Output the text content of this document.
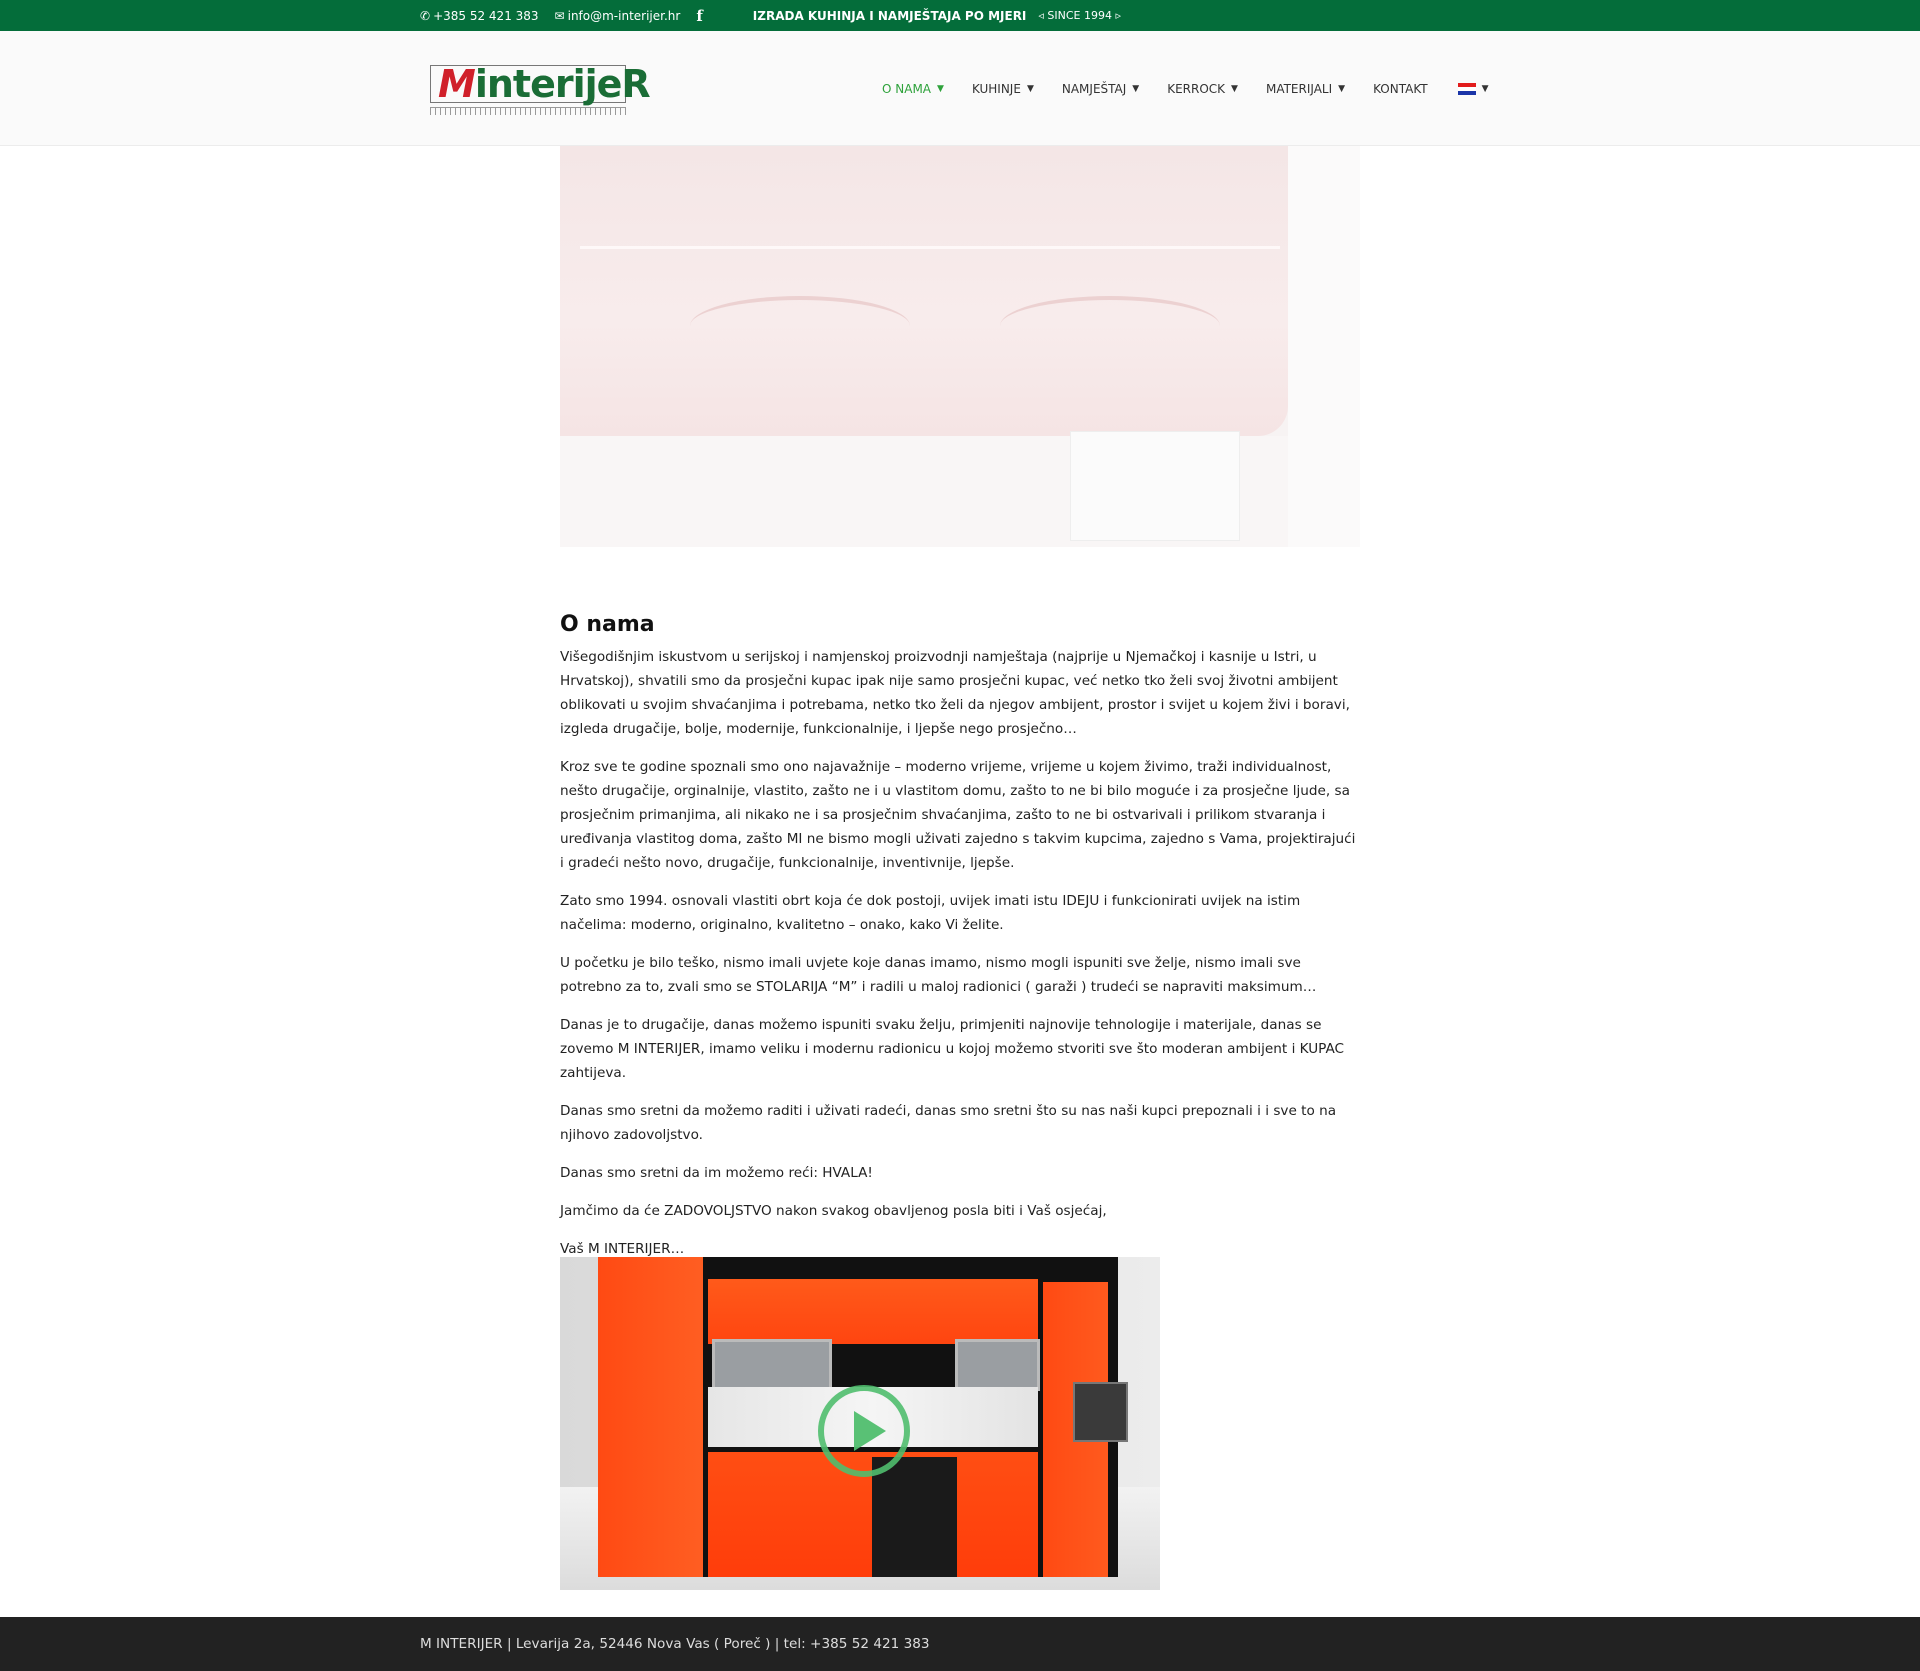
✆ +385 52 421 383 ✉ info@m-interijer.hr f	IZRADA KUHINJA I NAMJEŠTAJA PO MJERI ◃ SINCE 1994 ▹
MinterijeR	O NAMA ▼ KUHINJE ▼ NAMJEŠTAJ ▼ KERROCK ▼ MATERIJALI ▼ KONTAKT	▼
O nama

Višegodišnjim iskustvom u serijskoj i namjenskoj proizvodnji namještaja (najprije u Njemačkoj i kasnije u Istri, u Hrvatskoj), shvatili smo da prosječni kupac ipak nije samo prosječni kupac, već netko tko želi svoj životni ambijent oblikovati u svojim shvaćanjima i potrebama, netko tko želi da njegov ambijent, prostor i svijet u kojem živi i boravi, izgleda drugačije, bolje, modernije, funkcionalnije, i ljepše nego prosječno…

Kroz sve te godine spoznali smo ono najavažnije – moderno vrijeme, vrijeme u kojem živimo, traži individualnost, nešto drugačije, orginalnije, vlastito, zašto ne i u vlastitom domu, zašto to ne bi bilo moguće i za prosječne ljude, sa prosječnim primanjima, ali nikako ne i sa prosječnim shvaćanjima, zašto to ne bi ostvarivali i prilikom stvaranja i uređivanja vlastitog doma, zašto MI ne bismo mogli uživati zajedno s takvim kupcima, zajedno s Vama, projektirajući i gradeći nešto novo, drugačije, funkcionalnije, inventivnije, ljepše.

Zato smo 1994. osnovali vlastiti obrt koja će dok postoji, uvijek imati istu IDEJU i funkcionirati uvijek na istim načelima: moderno, originalno, kvalitetno – onako, kako Vi želite.

U početku je bilo teško, nismo imali uvjete koje danas imamo, nismo mogli ispuniti sve želje, nismo imali sve potrebno za to, zvali smo se STOLARIJA “M” i radili u maloj radionici ( garaži ) trudeći se napraviti maksimum…

Danas je to drugačije, danas možemo ispuniti svaku želju, primjeniti najnovije tehnologije i materijale, danas se zovemo M INTERIJER, imamo veliku i modernu radionicu u kojoj možemo stvoriti sve što moderan ambijent i KUPAC zahtijeva.

Danas smo sretni da možemo raditi i uživati radeći, danas smo sretni što su nas naši kupci prepoznali i i sve to na njihovo zadovoljstvo.

Danas smo sretni da im možemo reći: HVALA!

Jamčimo da će ZADOVOLJSTVO nakon svakog obavljenog posla biti i Vaš osjećaj,

Vaš M INTERIJER…

M INTERIJER | Levarija 2a, 52446 Nova Vas ( Poreč ) | tel: +385 52 421 383
